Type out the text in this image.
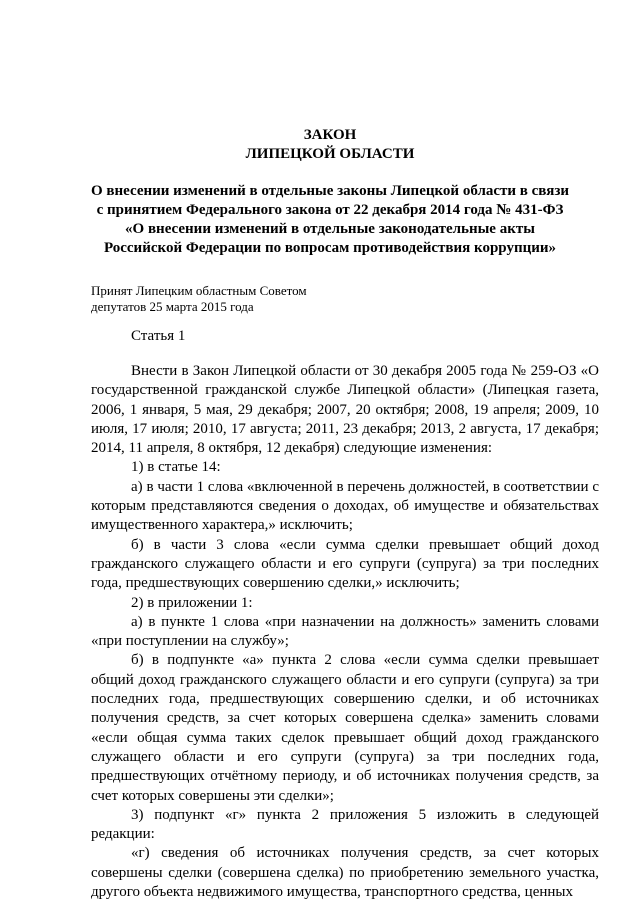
ЗАКОН
ЛИПЕЦКОЙ ОБЛАСТИ
О внесении изменений в отдельные законы Липецкой области в связи
с принятием Федерального закона от 22 декабря 2014 года № 431-ФЗ
«О внесении изменений в отдельные законодательные акты
Российской Федерации по вопросам противодействия коррупции»
Принят Липецким областным Советом
депутатов 25 марта 2015 года
Статья 1

Внести в Закон Липецкой области от 30 декабря 2005 года № 259-ОЗ «О государственной гражданской службе Липецкой области» (Липецкая газета, 2006, 1 января, 5 мая, 29 декабря; 2007, 20 октября; 2008, 19 апреля; 2009, 10 июля, 17 июля; 2010, 17 августа; 2011, 23 декабря; 2013, 2 августа, 17 декабря; 2014, 11 апреля, 8 октября, 12 декабря) следующие изменения:

1) в статье 14:

а) в части 1 слова «включенной в перечень должностей, в соответствии с которым представляются сведения о доходах, об имуществе и обязательствах имущественного характера,» исключить;

б) в части 3 слова «если сумма сделки превышает общий доход гражданского служащего области и его супруги (супруга) за три последних года, предшествующих совершению сделки,» исключить;

2) в приложении 1:

а) в пункте 1 слова «при назначении на должность» заменить словами «при поступлении на службу»;

б) в подпункте «а» пункта 2 слова «если сумма сделки превышает общий доход гражданского служащего области и его супруги (супруга) за три последних года, предшествующих совершению сделки, и об источниках получения средств, за счет которых совершена сделка» заменить словами «если общая сумма таких сделок превышает общий доход гражданского служащего области и его супруги (супруга) за три последних года, предшествующих отчётному периоду, и об источниках получения средств, за счет которых совершены эти сделки»;

3) подпункт «г» пункта 2 приложения 5 изложить в следующей редакции:

«г) сведения об источниках получения средств, за счет которых совершены сделки (совершена сделка) по приобретению земельного участка, другого объекта недвижимого имущества, транспортного средства, ценных
